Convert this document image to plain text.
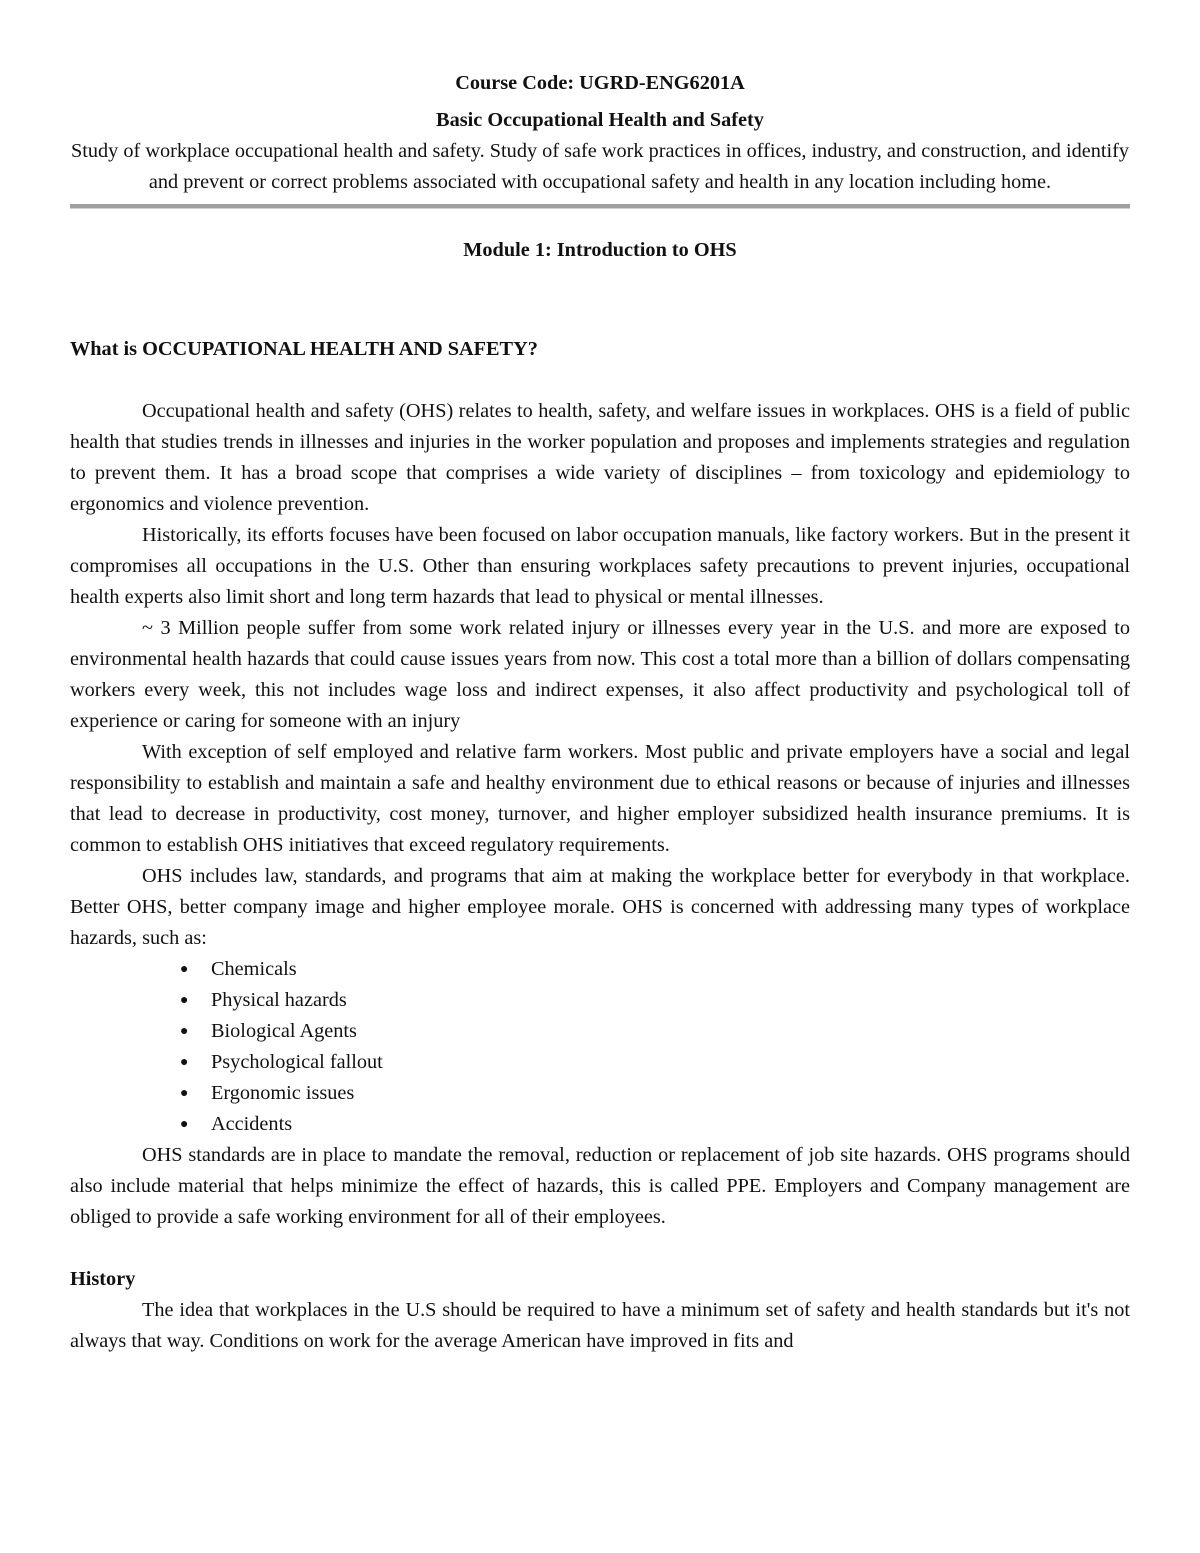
Course Code: UGRD-ENG6201A
Basic Occupational Health and Safety
Study of workplace occupational health and safety. Study of safe work practices in offices, industry, and construction, and identify and prevent or correct problems associated with occupational safety and health in any location including home.
Module 1: Introduction to OHS
What is OCCUPATIONAL HEALTH AND SAFETY?

Occupational health and safety (OHS) relates to health, safety, and welfare issues in workplaces. OHS is a field of public health that studies trends in illnesses and injuries in the worker population and proposes and implements strategies and regulation to prevent them. It has a broad scope that comprises a wide variety of disciplines – from toxicology and epidemiology to ergonomics and violence prevention.

Historically, its efforts focuses have been focused on labor occupation manuals, like factory workers. But in the present it compromises all occupations in the U.S. Other than ensuring workplaces safety precautions to prevent injuries, occupational health experts also limit short and long term hazards that lead to physical or mental illnesses.

~ 3 Million people suffer from some work related injury or illnesses every year in the U.S. and more are exposed to environmental health hazards that could cause issues years from now. This cost a total more than a billion of dollars compensating workers every week, this not includes wage loss and indirect expenses, it also affect productivity and psychological toll of experience or caring for someone with an injury

With exception of self employed and relative farm workers. Most public and private employers have a social and legal responsibility to establish and maintain a safe and healthy environment due to ethical reasons or because of injuries and illnesses that lead to decrease in productivity, cost money, turnover, and higher employer subsidized health insurance premiums. It is common to establish OHS initiatives that exceed regulatory requirements.

OHS includes law, standards, and programs that aim at making the workplace better for everybody in that workplace. Better OHS, better company image and higher employee morale. OHS is concerned with addressing many types of workplace hazards, such as:

● Chemicals
● Physical hazards
● Biological Agents
● Psychological fallout
● Ergonomic issues
● Accidents

OHS standards are in place to mandate the removal, reduction or replacement of job site hazards. OHS programs should also include material that helps minimize the effect of hazards, this is called PPE. Employers and Company management are obliged to provide a safe working environment for all of their employees.

History

The idea that workplaces in the U.S should be required to have a minimum set of safety and health standards but it's not always that way. Conditions on work for the average American have improved in fits and
